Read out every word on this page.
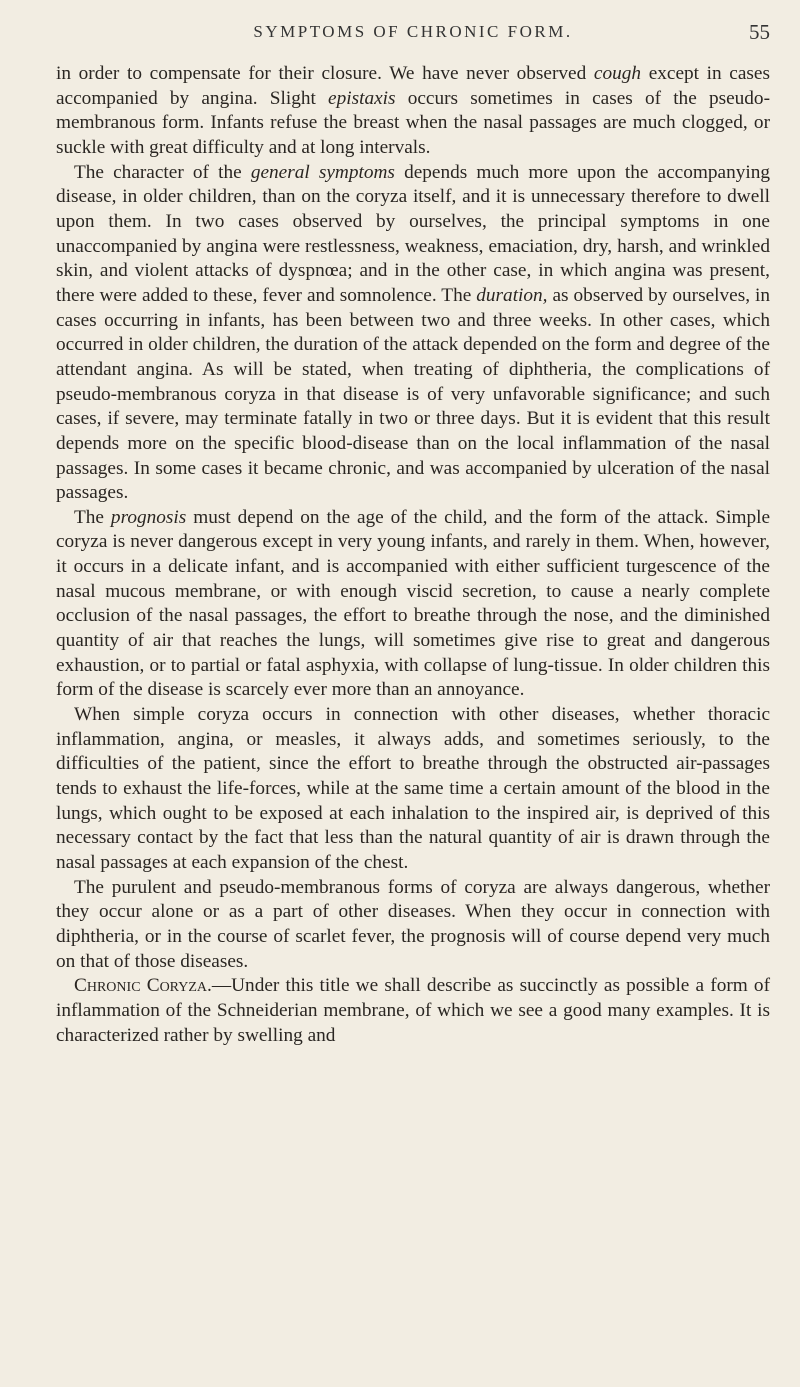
SYMPTOMS OF CHRONIC FORM.	55

in order to compensate for their closure. We have never observed cough except in cases accompanied by angina. Slight epistaxis occurs sometimes in cases of the pseudo-membranous form. Infants refuse the breast when the nasal passages are much clogged, or suckle with great difficulty and at long intervals.

The character of the general symptoms depends much more upon the accompanying disease, in older children, than on the coryza itself, and it is unnecessary therefore to dwell upon them. In two cases observed by ourselves, the principal symptoms in one unaccompanied by angina were restlessness, weakness, emaciation, dry, harsh, and wrinkled skin, and violent attacks of dyspnœa; and in the other case, in which angina was present, there were added to these, fever and somnolence. The duration, as observed by ourselves, in cases occurring in infants, has been between two and three weeks. In other cases, which occurred in older children, the duration of the attack depended on the form and degree of the attendant angina. As will be stated, when treating of diphtheria, the complications of pseudo-membranous coryza in that disease is of very unfavorable significance; and such cases, if severe, may terminate fatally in two or three days. But it is evident that this result depends more on the specific blood-disease than on the local inflammation of the nasal passages. In some cases it became chronic, and was accompanied by ulceration of the nasal passages.

The prognosis must depend on the age of the child, and the form of the attack. Simple coryza is never dangerous except in very young infants, and rarely in them. When, however, it occurs in a delicate infant, and is accompanied with either sufficient turgescence of the nasal mucous membrane, or with enough viscid secretion, to cause a nearly complete occlusion of the nasal passages, the effort to breathe through the nose, and the diminished quantity of air that reaches the lungs, will sometimes give rise to great and dangerous exhaustion, or to partial or fatal asphyxia, with collapse of lung-tissue. In older children this form of the disease is scarcely ever more than an annoyance.

When simple coryza occurs in connection with other diseases, whether thoracic inflammation, angina, or measles, it always adds, and sometimes seriously, to the difficulties of the patient, since the effort to breathe through the obstructed air-passages tends to exhaust the life-forces, while at the same time a certain amount of the blood in the lungs, which ought to be exposed at each inhalation to the inspired air, is deprived of this necessary contact by the fact that less than the natural quantity of air is drawn through the nasal passages at each expansion of the chest.

The purulent and pseudo-membranous forms of coryza are always dangerous, whether they occur alone or as a part of other diseases. When they occur in connection with diphtheria, or in the course of scarlet fever, the prognosis will of course depend very much on that of those diseases.

Chronic Coryza.—Under this title we shall describe as succinctly as possible a form of inflammation of the Schneiderian membrane, of which we see a good many examples. It is characterized rather by swelling and
